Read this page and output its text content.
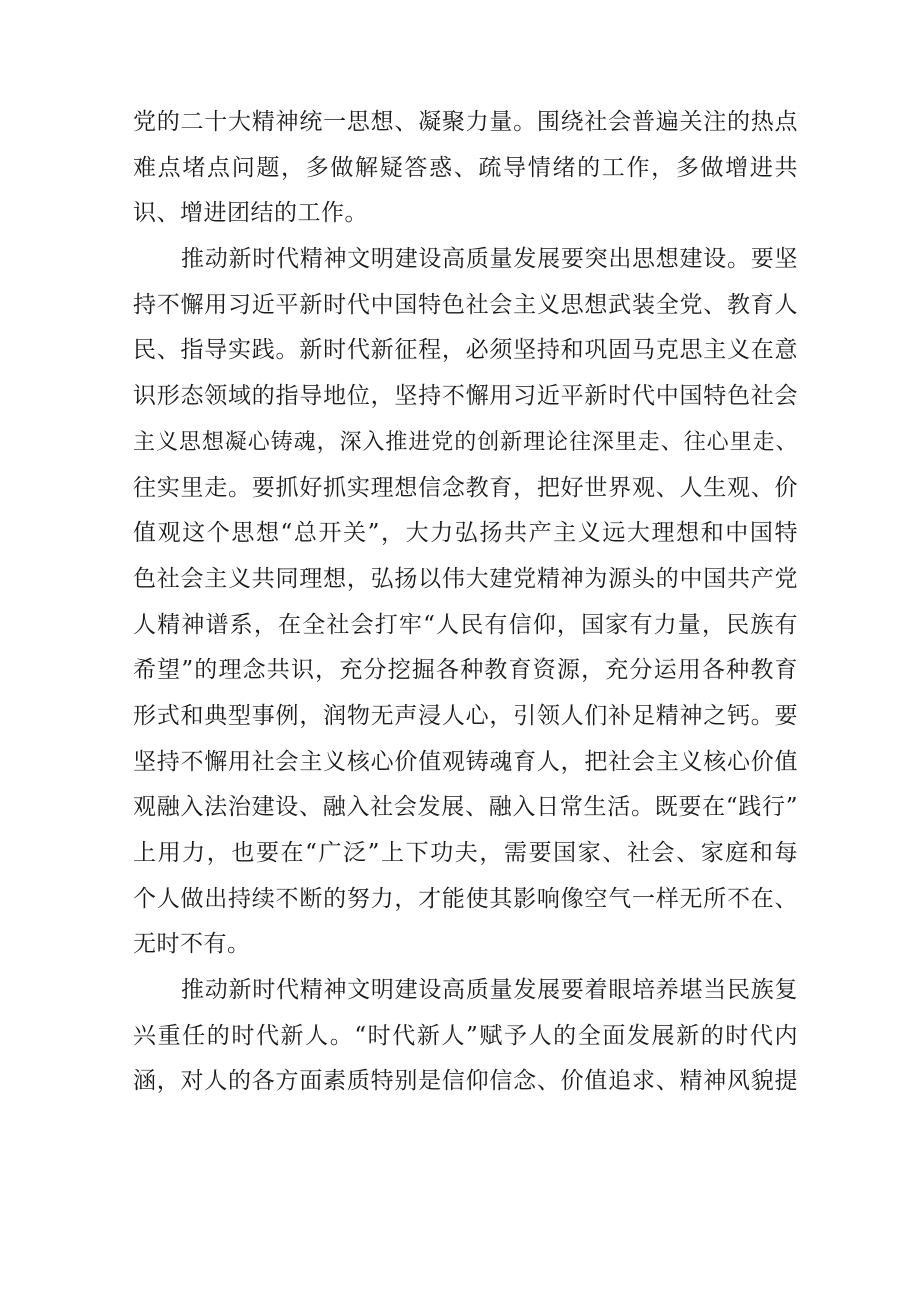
党的二十大精神统一思想、凝聚力量。围绕社会普遍关注的热点
难点堵点问题，多做解疑答惑、疏导情绪的工作，多做增进共
识、增进团结的工作。
推动新时代精神文明建设高质量发展要突出思想建设。要坚
持不懈用习近平新时代中国特色社会主义思想武装全党、教育人
民、指导实践。新时代新征程，必须坚持和巩固马克思主义在意
识形态领域的指导地位，坚持不懈用习近平新时代中国特色社会
主义思想凝心铸魂，深入推进党的创新理论往深里走、往心里走、
往实里走。要抓好抓实理想信念教育，把好世界观、人生观、价
值观这个思想“总开关”，大力弘扬共产主义远大理想和中国特
色社会主义共同理想，弘扬以伟大建党精神为源头的中国共产党
人精神谱系，在全社会打牢“人民有信仰，国家有力量，民族有
希望”的理念共识，充分挖掘各种教育资源，充分运用各种教育
形式和典型事例，润物无声浸人心，引领人们补足精神之钙。要
坚持不懈用社会主义核心价值观铸魂育人，把社会主义核心价值
观融入法治建设、融入社会发展、融入日常生活。既要在“践行”
上用力，也要在“广泛”上下功夫，需要国家、社会、家庭和每
个人做出持续不断的努力，才能使其影响像空气一样无所不在、
无时不有。
推动新时代精神文明建设高质量发展要着眼培养堪当民族复
兴重任的时代新人。“时代新人”赋予人的全面发展新的时代内
涵，对人的各方面素质特别是信仰信念、价值追求、精神风貌提
